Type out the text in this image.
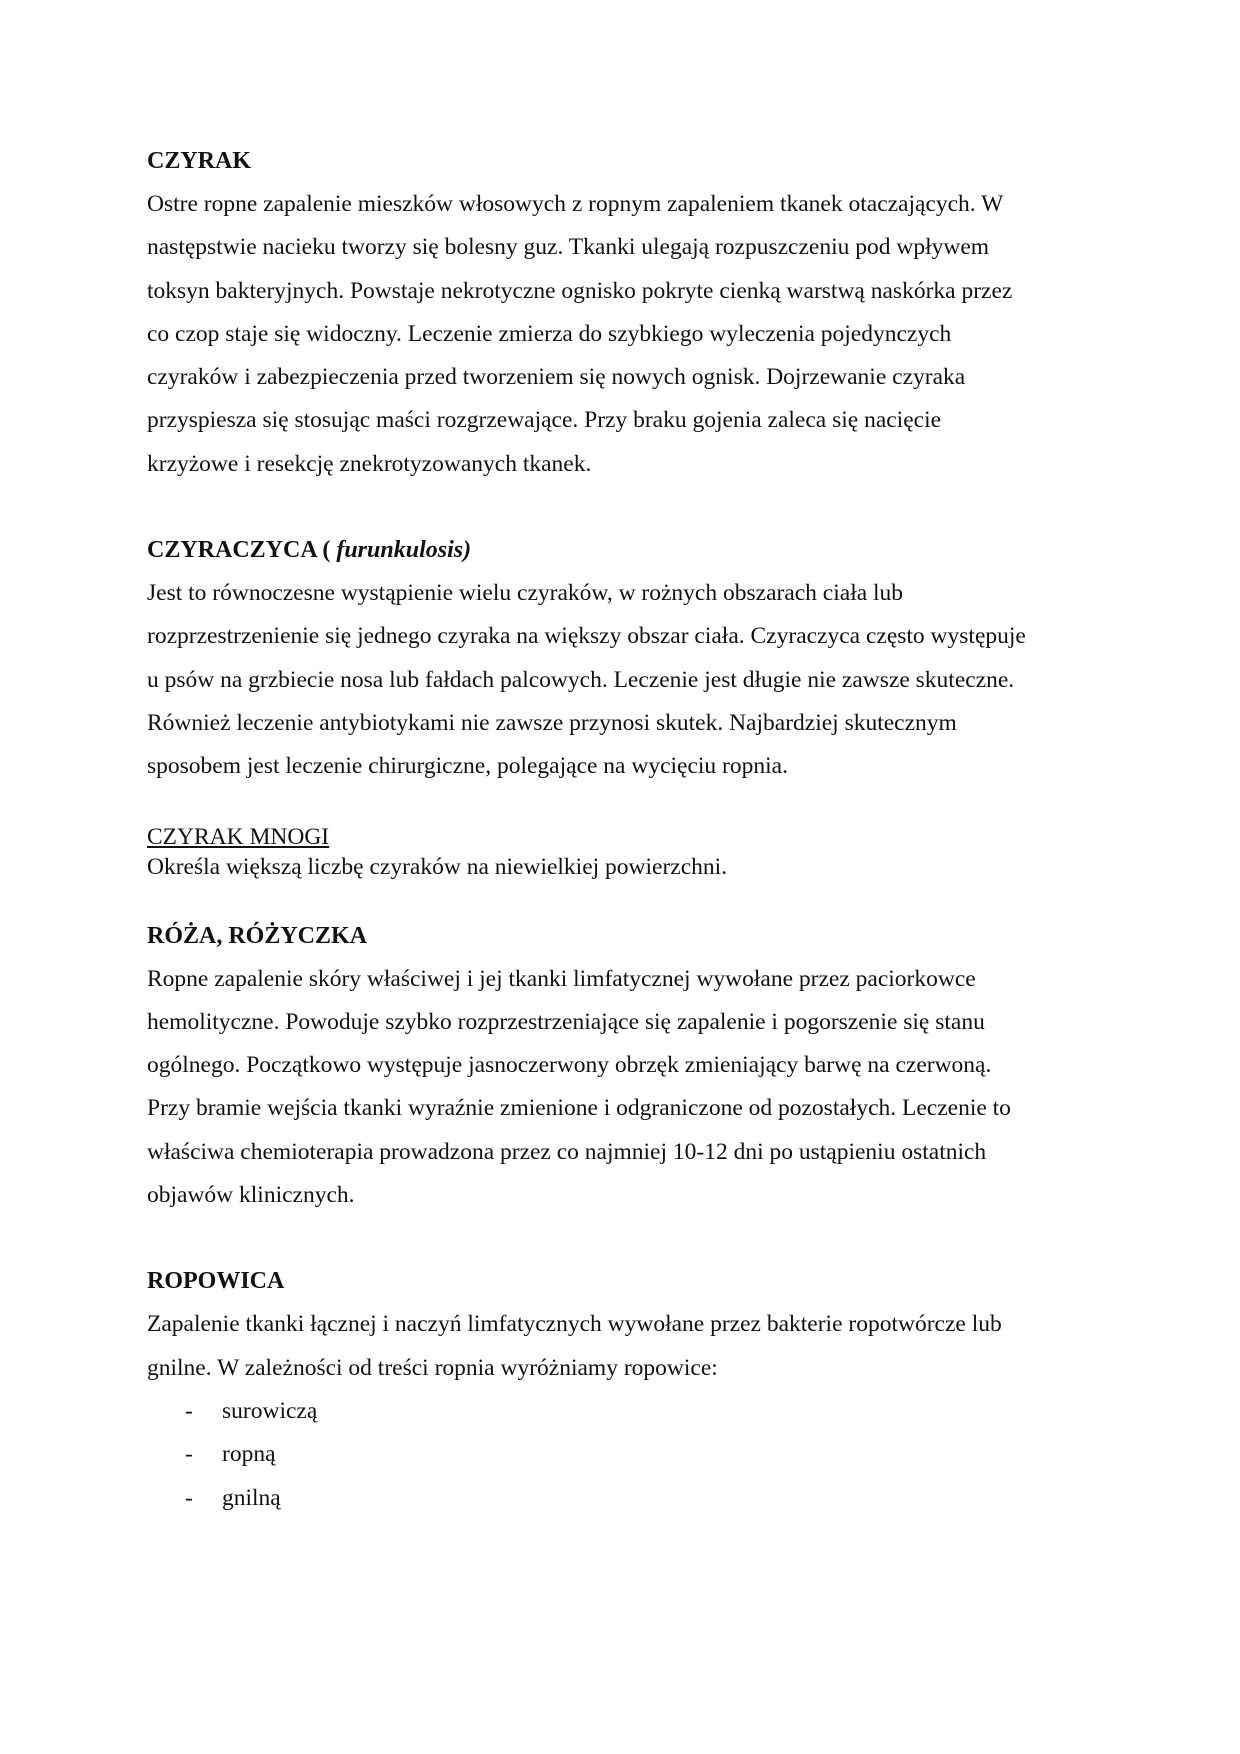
CZYRAK

Ostre ropne zapalenie mieszków włosowych z ropnym zapaleniem tkanek otaczających. W

następstwie nacieku tworzy się bolesny guz. Tkanki ulegają rozpuszczeniu pod wpływem

toksyn bakteryjnych. Powstaje nekrotyczne ognisko pokryte cienką warstwą naskórka przez

co czop staje się widoczny. Leczenie zmierza do szybkiego wyleczenia pojedynczych

czyraków i zabezpieczenia przed tworzeniem się nowych ognisk. Dojrzewanie czyraka

przyspiesza się stosując maści rozgrzewające. Przy braku gojenia zaleca się nacięcie

krzyżowe i resekcję znekrotyzowanych tkanek.

CZYRACZYCA ( furunkulosis)

Jest to równoczesne wystąpienie wielu czyraków, w rożnych obszarach ciała lub

rozprzestrzenienie się jednego czyraka na większy obszar ciała. Czyraczyca często występuje

u psów na grzbiecie nosa lub fałdach palcowych. Leczenie jest długie nie zawsze skuteczne.

Również leczenie antybiotykami nie zawsze przynosi skutek. Najbardziej skutecznym

sposobem jest leczenie chirurgiczne, polegające na wycięciu ropnia.

CZYRAK MNOGI

Określa większą liczbę czyraków na niewielkiej powierzchni.

RÓŻA, RÓŻYCZKA

Ropne zapalenie skóry właściwej i jej tkanki limfatycznej wywołane przez paciorkowce

hemolityczne. Powoduje szybko rozprzestrzeniające się zapalenie i pogorszenie się stanu

ogólnego. Początkowo występuje jasnoczerwony obrzęk zmieniający barwę na czerwoną.

Przy bramie wejścia tkanki wyraźnie zmienione i odgraniczone od pozostałych. Leczenie to

właściwa chemioterapia prowadzona przez co najmniej 10-12 dni po ustąpieniu ostatnich

objawów klinicznych.

ROPOWICA

Zapalenie tkanki łącznej i naczyń limfatycznych wywołane przez bakterie ropotwórcze lub

gnilne. W zależności od treści ropnia wyróżniamy ropowice:

- surowiczą
- ropną
- gnilną
